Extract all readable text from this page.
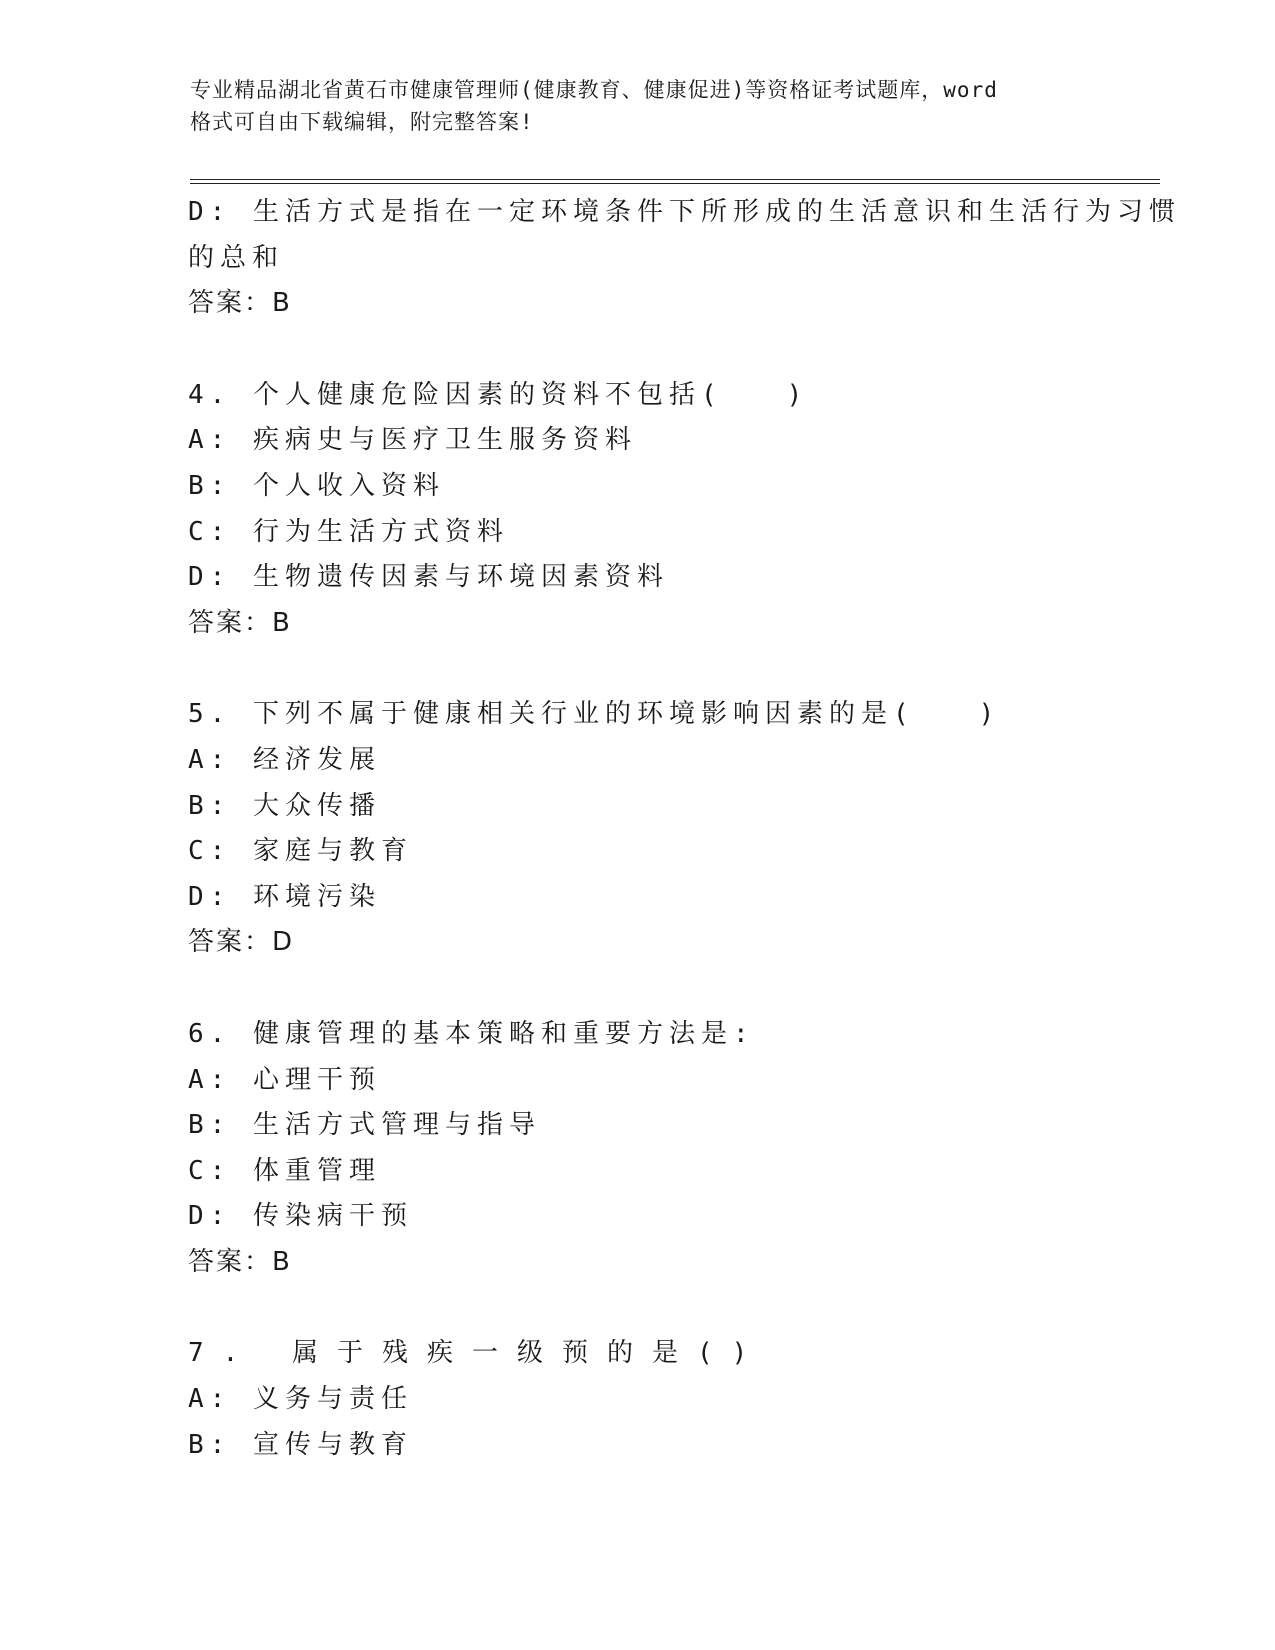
专业精品湖北省黄石市健康管理师(健康教育、健康促进)等资格证考试题库，word
格式可自由下载编辑，附完整答案!
D: 生活方式是指在一定环境条件下所形成的生活意识和生活行为习惯
的总和
答案：B
4. 个人健康危险因素的资料不包括(　　)
A: 疾病史与医疗卫生服务资料
B: 个人收入资料
C: 行为生活方式资料
D: 生物遗传因素与环境因素资料
答案：B
5. 下列不属于健康相关行业的环境影响因素的是(　　)
A: 经济发展
B: 大众传播
C: 家庭与教育
D: 环境污染
答案：D
6. 健康管理的基本策略和重要方法是:
A: 心理干预
B: 生活方式管理与指导
C: 体重管理
D: 传染病干预
答案：B
7. 属于残疾一级预的是()
A: 义务与责任
B: 宣传与教育
